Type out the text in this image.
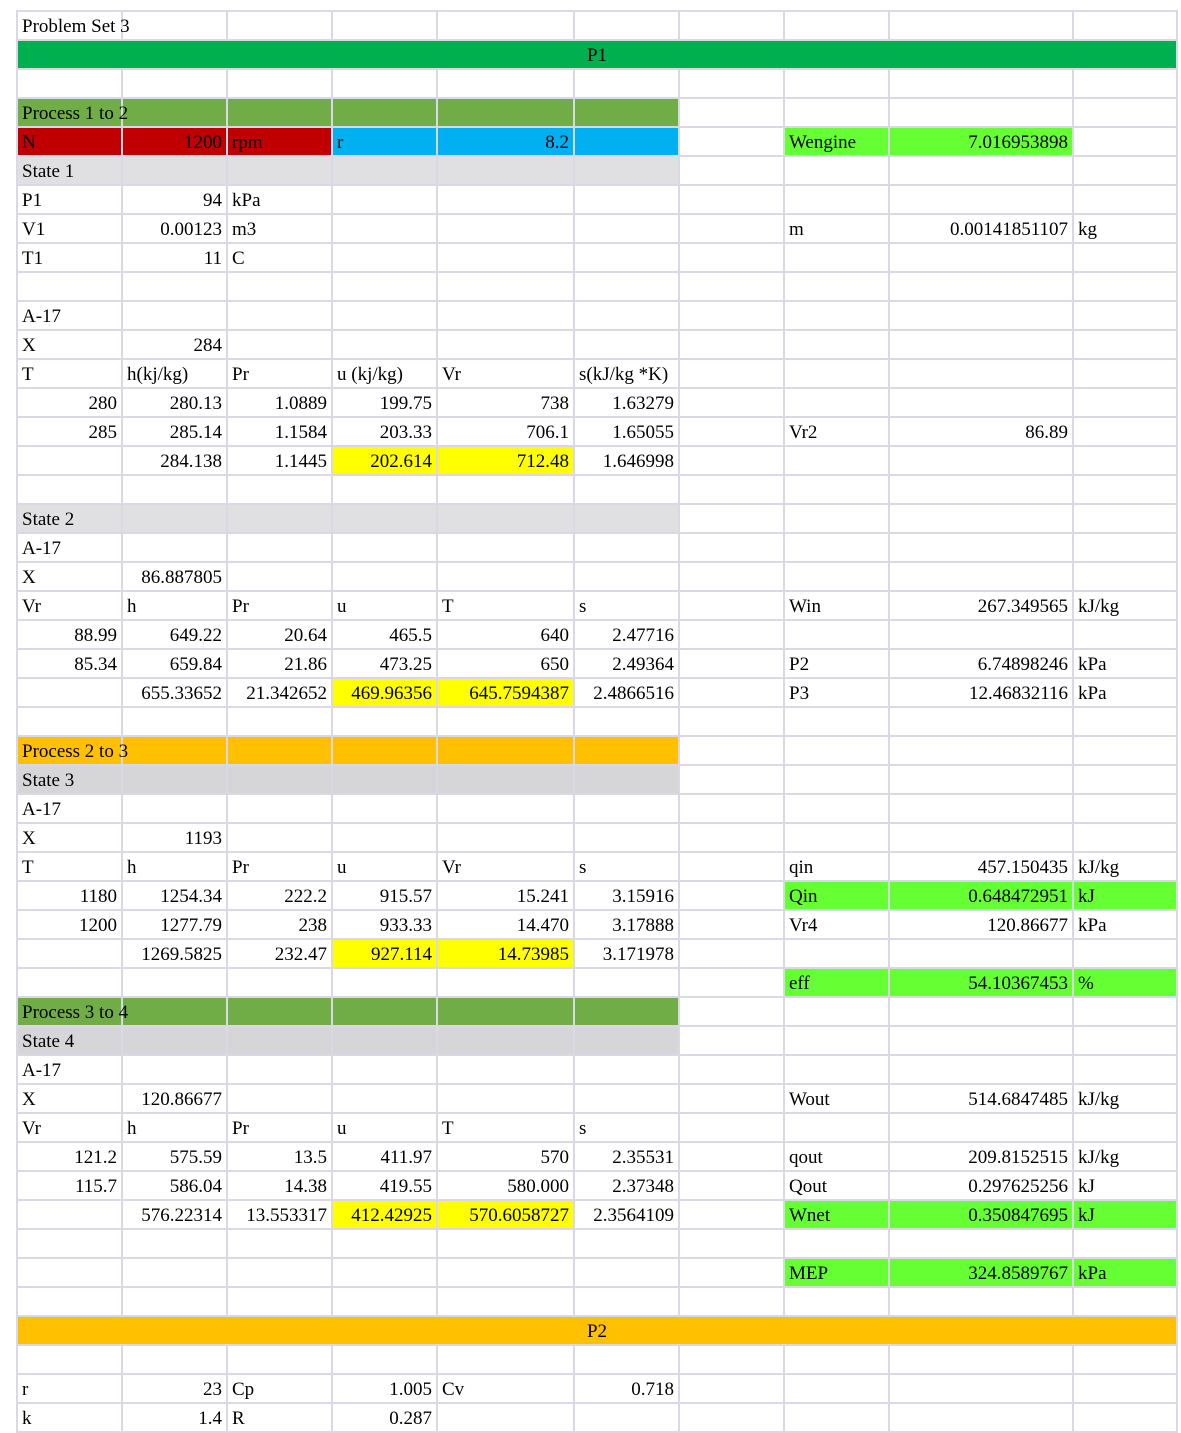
Problem Set 3									
P1									

Process 1 to 2									
N	1200	rpm	r	8.2			Wengine	7.016953898	
State 1									
P1	94	kPa							
V1	0.00123	m3					m	0.00141851107	kg
T1	11	C							

A-17									
X	284								
T	h(kj/kg)	Pr	u (kj/kg)	Vr	s(kJ/kg *K)				
280	280.13	1.0889	199.75	738	1.63279				
285	285.14	1.1584	203.33	706.1	1.65055		Vr2	86.89	
	284.138	1.1445	202.614	712.48	1.646998				

State 2									
A-17									
X	86.887805								
Vr	h	Pr	u	T	s		Win	267.349565	kJ/kg
88.99	649.22	20.64	465.5	640	2.47716				
85.34	659.84	21.86	473.25	650	2.49364		P2	6.74898246	kPa
	655.33652	21.342652	469.96356	645.7594387	2.4866516		P3	12.46832116	kPa

Process 2 to 3									
State 3									
A-17									
X	1193								
T	h	Pr	u	Vr	s		qin	457.150435	kJ/kg
1180	1254.34	222.2	915.57	15.241	3.15916		Qin	0.648472951	kJ
1200	1277.79	238	933.33	14.470	3.17888		Vr4	120.86677	kPa
	1269.5825	232.47	927.114	14.73985	3.171978				
							eff	54.10367453	%
Process 3 to 4									
State 4									
A-17									
X	120.86677						Wout	514.6847485	kJ/kg
Vr	h	Pr	u	T	s				
121.2	575.59	13.5	411.97	570	2.35531		qout	209.8152515	kJ/kg
115.7	586.04	14.38	419.55	580.000	2.37348		Qout	0.297625256	kJ
	576.22314	13.553317	412.42925	570.6058727	2.3564109		Wnet	0.350847695	kJ

							MEP	324.8589767	kPa

P2									

r	23	Cp	1.005	Cv	0.718				
k	1.4	R	0.287						
